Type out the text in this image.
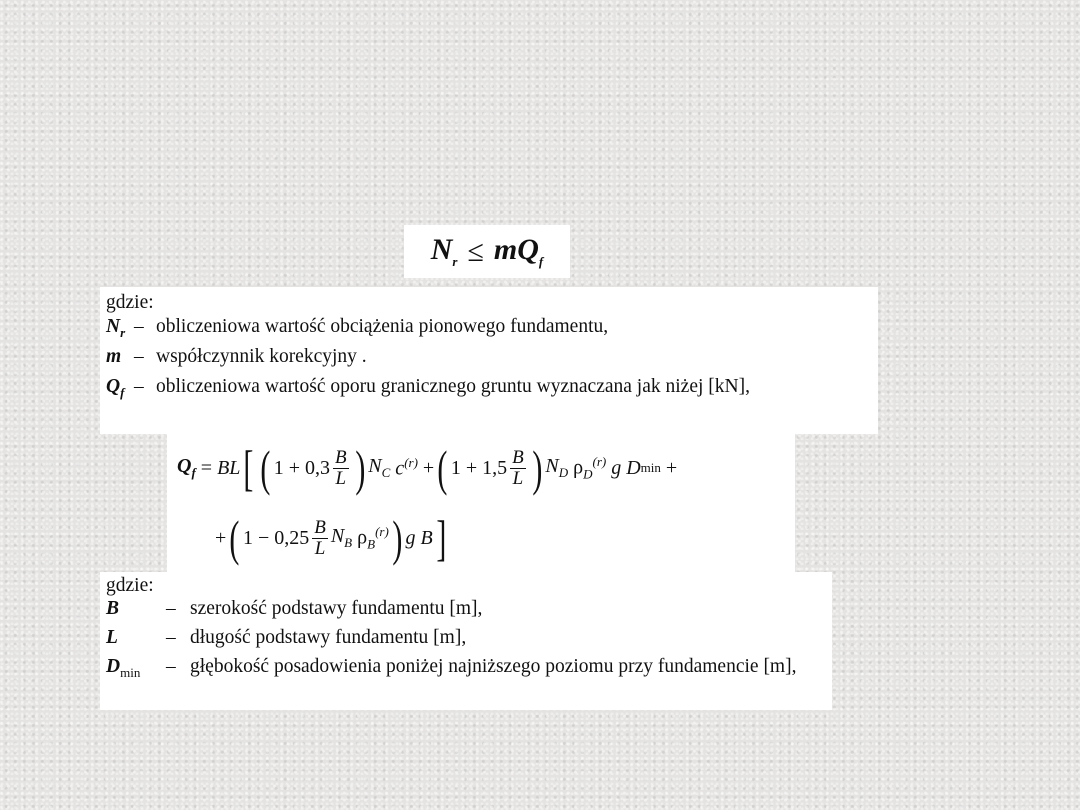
$N_r \le mQ_f$
gdzie:
$N_r$ – obliczeniowa wartość obciążenia pionowego fundamentu,
m – współczynnik korekcyjny .
$Q_f$ – obliczeniowa wartość oporu granicznego gruntu wyznaczana jak niżej [kN],
$Q_f$
=
BL [ ( $1 + 0,3 \frac{B}{L}$ ) $N_C$
$c^{(r)}$
+ ( $1 + 1,5 \frac{B}{L}$ ) $N_D$
$\rho_D^{(r)}$
g D min
+
+ ( $1 - 0,25 \frac{B}{L} N_B$
$\rho_B^{(r)}$ ) g B ]
gdzie:
B	– szerokość podstawy fundamentu [m],
L	– długość podstawy fundamentu [m],
$D_{min}$	– głębokość posadowienia poniżej najniższego poziomu przy fundamencie [m],
